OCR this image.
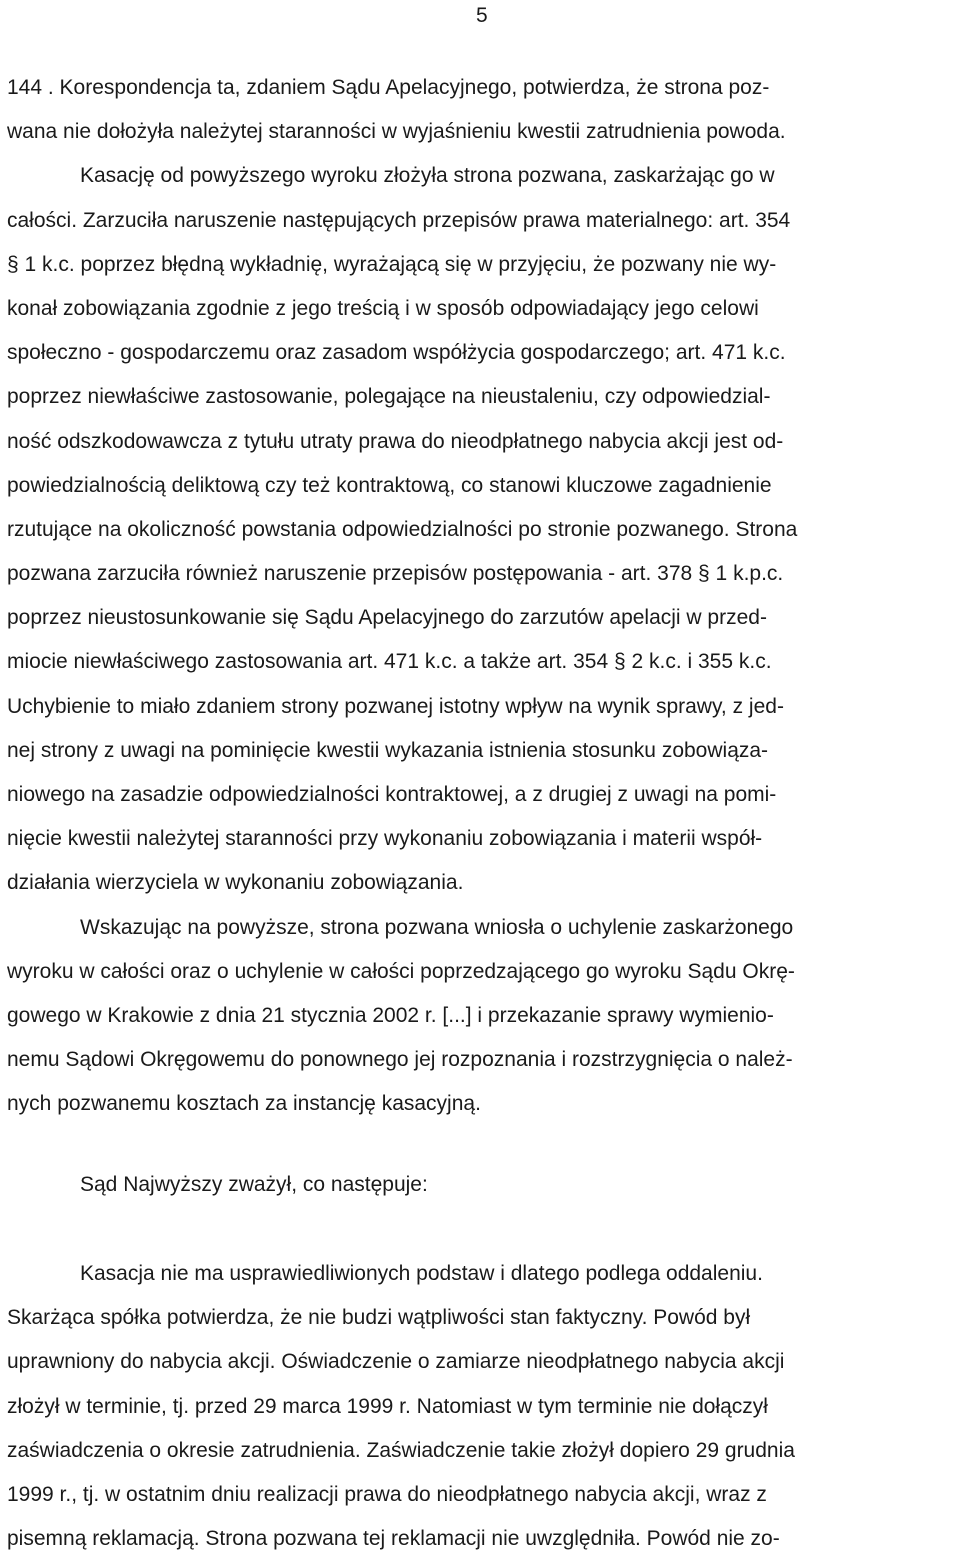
5
144 . Korespondencja ta, zdaniem Sądu Apelacyjnego, potwierdza, że strona poz-
wana nie dołożyła należytej staranności w wyjaśnieniu kwestii zatrudnienia powoda.
Kasację od powyższego wyroku złożyła strona pozwana, zaskarżając go w
całości. Zarzuciła naruszenie następujących przepisów prawa materialnego: art. 354
§ 1 k.c. poprzez błędną wykładnię, wyrażającą się w przyjęciu, że pozwany nie wy-
konał zobowiązania zgodnie z jego treścią i w sposób odpowiadający jego celowi
społeczno - gospodarczemu oraz zasadom współżycia gospodarczego; art. 471 k.c.
poprzez niewłaściwe zastosowanie, polegające na nieustaleniu, czy odpowiedzial-
ność odszkodowawcza z tytułu utraty prawa do nieodpłatnego nabycia akcji jest od-
powiedzialnością deliktową czy też kontraktową, co stanowi kluczowe zagadnienie
rzutujące na okoliczność powstania odpowiedzialności po stronie pozwanego. Strona
pozwana zarzuciła również naruszenie przepisów postępowania - art. 378 § 1 k.p.c.
poprzez nieustosunkowanie się Sądu Apelacyjnego do zarzutów apelacji w przed-
miocie niewłaściwego zastosowania art. 471 k.c. a także art. 354 § 2 k.c. i 355 k.c.
Uchybienie to miało zdaniem strony pozwanej istotny wpływ na wynik sprawy, z jed-
nej strony z uwagi na pominięcie kwestii wykazania istnienia stosunku zobowiąza-
niowego na zasadzie odpowiedzialności kontraktowej, a z drugiej z uwagi na pomi-
nięcie kwestii należytej staranności przy wykonaniu zobowiązania i materii współ-
działania wierzyciela w wykonaniu zobowiązania.
Wskazując na powyższe, strona pozwana wniosła o uchylenie zaskarżonego
wyroku w całości oraz o uchylenie w całości poprzedzającego go wyroku Sądu Okrę-
gowego w Krakowie z dnia 21 stycznia 2002 r. [...] i przekazanie sprawy wymienio-
nemu Sądowi Okręgowemu do ponownego jej rozpoznania i rozstrzygnięcia o należ-
nych pozwanemu kosztach za instancję kasacyjną.
Sąd Najwyższy zważył, co następuje:
Kasacja nie ma usprawiedliwionych podstaw i dlatego podlega oddaleniu.
Skarżąca spółka potwierdza, że nie budzi wątpliwości stan faktyczny. Powód był
uprawniony do nabycia akcji. Oświadczenie o zamiarze nieodpłatnego nabycia akcji
złożył w terminie, tj. przed 29 marca 1999 r. Natomiast w tym terminie nie dołączył
zaświadczenia o okresie zatrudnienia. Zaświadczenie takie złożył dopiero 29 grudnia
1999 r., tj. w ostatnim dniu realizacji prawa do nieodpłatnego nabycia akcji, wraz z
pisemną reklamacją. Strona pozwana tej reklamacji nie uwzględniła. Powód nie zo-
